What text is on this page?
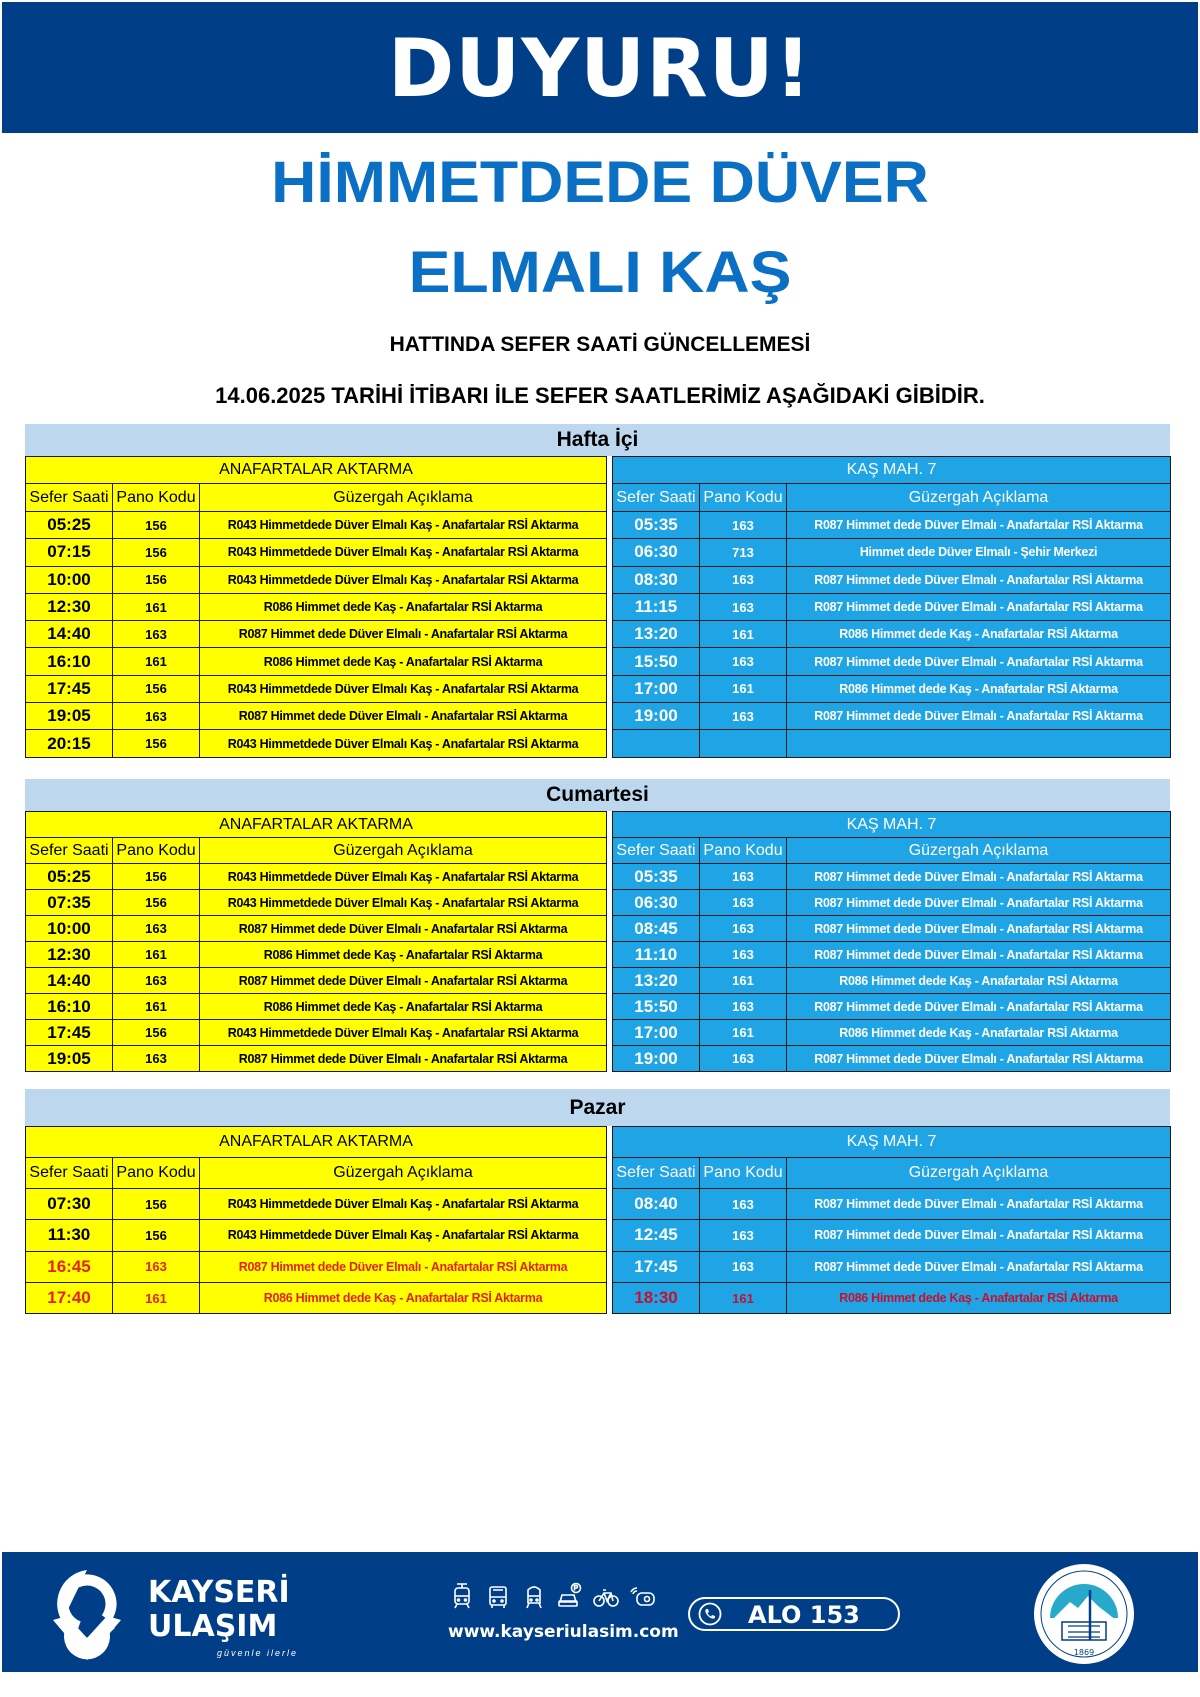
DUYURU!
HİMMETDEDE DÜVER
ELMALI KAŞ
HATTINDA SEFER SAATİ GÜNCELLEMESİ
14.06.2025 TARİHİ İTİBARI İLE SEFER SAATLERİMİZ AŞAĞIDAKİ GİBİDİR.
Hafta İçi
ANAFARTALAR AKTARMA		
Sefer Saati	Pano Kodu	Güzergah Açıklama
05:25	156	R043 Himmetdede Düver Elmalı Kaş - Anafartalar RSİ Aktarma
07:15	156	R043 Himmetdede Düver Elmalı Kaş - Anafartalar RSİ Aktarma
10:00	156	R043 Himmetdede Düver Elmalı Kaş - Anafartalar RSİ Aktarma
12:30	161	R086 Himmet dede Kaş - Anafartalar RSİ Aktarma
14:40	163	R087 Himmet dede Düver Elmalı - Anafartalar RSİ Aktarma
16:10	161	R086 Himmet dede Kaş - Anafartalar RSİ Aktarma
17:45	156	R043 Himmetdede Düver Elmalı Kaş - Anafartalar RSİ Aktarma
19:05	163	R087 Himmet dede Düver Elmalı - Anafartalar RSİ Aktarma
20:15	156	R043 Himmetdede Düver Elmalı Kaş - Anafartalar RSİ Aktarma
KAŞ MAH. 7		
Sefer Saati	Pano Kodu	Güzergah Açıklama
05:35	163	R087 Himmet dede Düver Elmalı - Anafartalar RSİ Aktarma
06:30	713	Himmet dede Düver Elmalı - Şehir Merkezi
08:30	163	R087 Himmet dede Düver Elmalı - Anafartalar RSİ Aktarma
11:15	163	R087 Himmet dede Düver Elmalı - Anafartalar RSİ Aktarma
13:20	161	R086 Himmet dede Kaş - Anafartalar RSİ Aktarma
15:50	163	R087 Himmet dede Düver Elmalı - Anafartalar RSİ Aktarma
17:00	161	R086 Himmet dede Kaş - Anafartalar RSİ Aktarma
19:00	163	R087 Himmet dede Düver Elmalı - Anafartalar RSİ Aktarma

Cumartesi
ANAFARTALAR AKTARMA		
Sefer Saati	Pano Kodu	Güzergah Açıklama
05:25	156	R043 Himmetdede Düver Elmalı Kaş - Anafartalar RSİ Aktarma
07:35	156	R043 Himmetdede Düver Elmalı Kaş - Anafartalar RSİ Aktarma
10:00	163	R087 Himmet dede Düver Elmalı - Anafartalar RSİ Aktarma
12:30	161	R086 Himmet dede Kaş - Anafartalar RSİ Aktarma
14:40	163	R087 Himmet dede Düver Elmalı - Anafartalar RSİ Aktarma
16:10	161	R086 Himmet dede Kaş - Anafartalar RSİ Aktarma
17:45	156	R043 Himmetdede Düver Elmalı Kaş - Anafartalar RSİ Aktarma
19:05	163	R087 Himmet dede Düver Elmalı - Anafartalar RSİ Aktarma
KAŞ MAH. 7		
Sefer Saati	Pano Kodu	Güzergah Açıklama
05:35	163	R087 Himmet dede Düver Elmalı - Anafartalar RSİ Aktarma
06:30	163	R087 Himmet dede Düver Elmalı - Anafartalar RSİ Aktarma
08:45	163	R087 Himmet dede Düver Elmalı - Anafartalar RSİ Aktarma
11:10	163	R087 Himmet dede Düver Elmalı - Anafartalar RSİ Aktarma
13:20	161	R086 Himmet dede Kaş - Anafartalar RSİ Aktarma
15:50	163	R087 Himmet dede Düver Elmalı - Anafartalar RSİ Aktarma
17:00	161	R086 Himmet dede Kaş - Anafartalar RSİ Aktarma
19:00	163	R087 Himmet dede Düver Elmalı - Anafartalar RSİ Aktarma
Pazar
ANAFARTALAR AKTARMA		
Sefer Saati	Pano Kodu	Güzergah Açıklama
07:30	156	R043 Himmetdede Düver Elmalı Kaş - Anafartalar RSİ Aktarma
11:30	156	R043 Himmetdede Düver Elmalı Kaş - Anafartalar RSİ Aktarma
16:45	163	R087 Himmet dede Düver Elmalı - Anafartalar RSİ Aktarma
17:40	161	R086 Himmet dede Kaş - Anafartalar RSİ Aktarma
KAŞ MAH. 7		
Sefer Saati	Pano Kodu	Güzergah Açıklama
08:40	163	R087 Himmet dede Düver Elmalı - Anafartalar RSİ Aktarma
12:45	163	R087 Himmet dede Düver Elmalı - Anafartalar RSİ Aktarma
17:45	163	R087 Himmet dede Düver Elmalı - Anafartalar RSİ Aktarma
18:30	161	R086 Himmet dede Kaş - Anafartalar RSİ Aktarma
KAYSERİ
ULAŞIM
güvenle ilerle
www.kayseriulasim.com
ALO 153
1869
